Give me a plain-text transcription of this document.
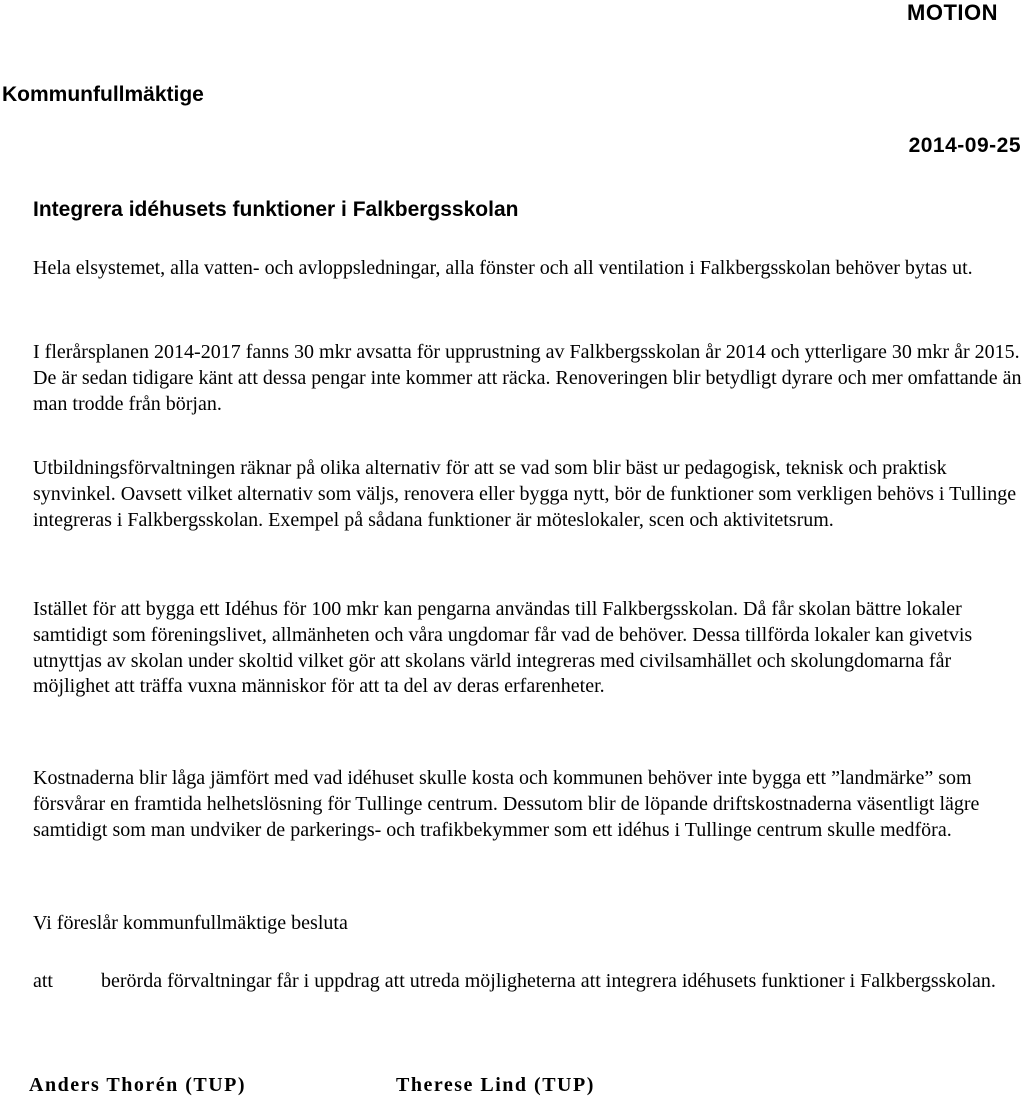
MOTION
Kommunfullmäktige
2014-09-25
Integrera idéhusets funktioner i Falkbergsskolan

Hela elsystemet, alla vatten- och avloppsledningar, alla fönster och all ventilation i Falkbergsskolan behöver bytas ut.

I flerårsplanen 2014-2017 fanns 30 mkr avsatta för upprustning av Falkbergsskolan år 2014 och ytterligare 30 mkr år 2015. De är sedan tidigare känt att dessa pengar inte kommer att räcka. Renoveringen blir betydligt dyrare och mer omfattande än man trodde från början.

Utbildningsförvaltningen räknar på olika alternativ för att se vad som blir bäst ur pedagogisk, teknisk och praktisk synvinkel. Oavsett vilket alternativ som väljs, renovera eller bygga nytt, bör de funktioner som verkligen behövs i Tullinge integreras i Falkbergsskolan. Exempel på sådana funktioner är möteslokaler, scen och aktivitetsrum.

Istället för att bygga ett Idéhus för 100 mkr kan pengarna användas till Falkbergsskolan. Då får skolan bättre lokaler samtidigt som föreningslivet, allmänheten och våra ungdomar får vad de behöver. Dessa tillförda lokaler kan givetvis utnyttjas av skolan under skoltid vilket gör att skolans värld integreras med civilsamhället och skolungdomarna får möjlighet att träffa vuxna människor för att ta del av deras erfarenheter.

Kostnaderna blir låga jämfört med vad idéhuset skulle kosta och kommunen behöver inte bygga ett ”landmärke” som försvårar en framtida helhetslösning för Tullinge centrum. Dessutom blir de löpande driftskostnaderna väsentligt lägre samtidigt som man undviker de parkerings- och trafikbekymmer som ett idéhus i Tullinge centrum skulle medföra.

Vi föreslår kommunfullmäktige besluta

att berörda förvaltningar får i uppdrag att utreda möjligheterna att integrera idéhusets funktioner i Falkbergsskolan.

Anders Thorén (TUP)	Therese Lind (TUP)
